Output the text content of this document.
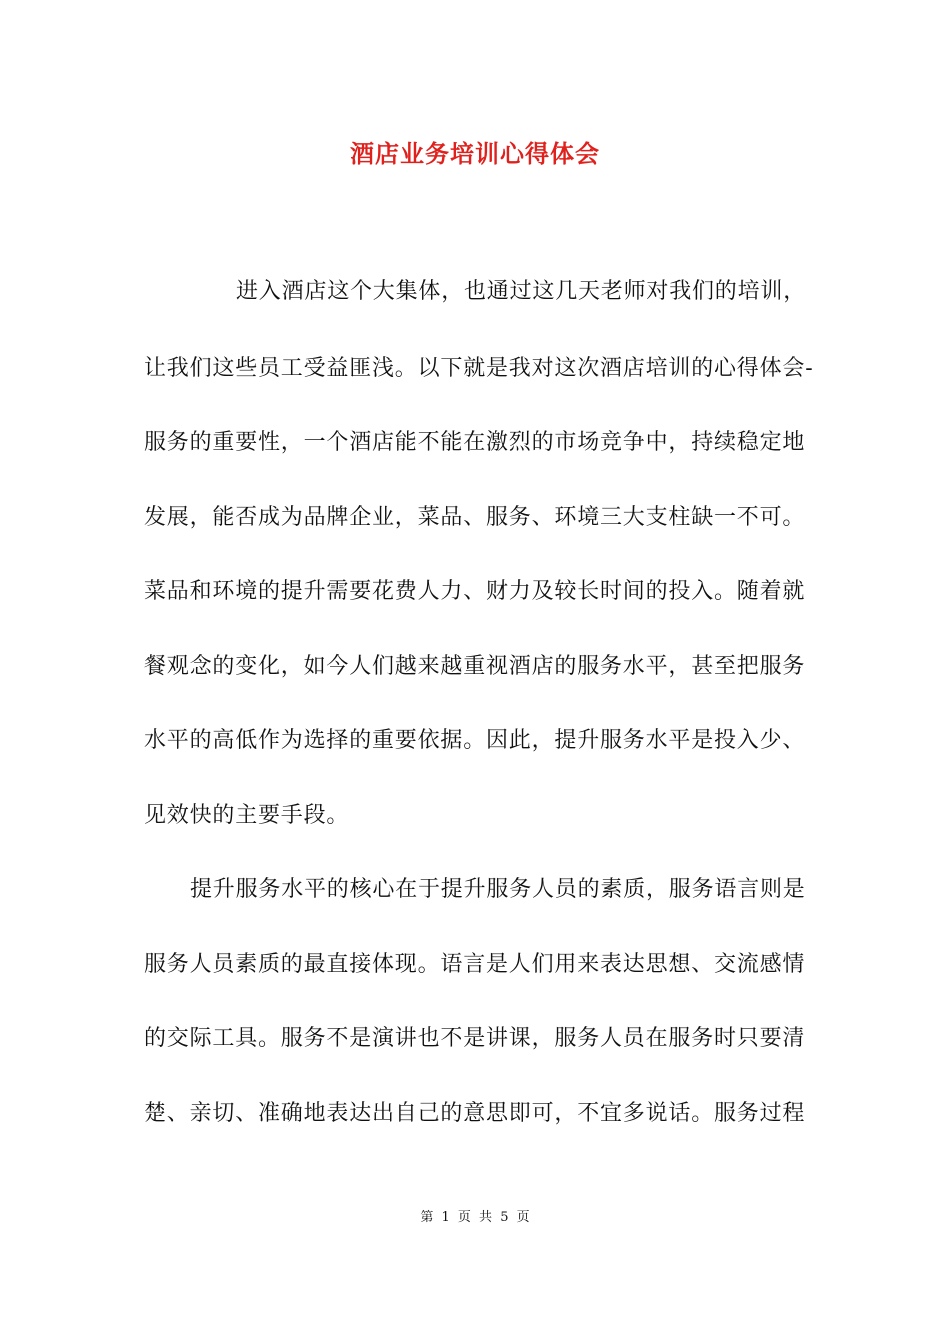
酒店业务培训心得体会
进入酒店这个大集体，也通过这几天老师对我们的培训，
让我们这些员工受益匪浅。以下就是我对这次酒店培训的心得体会-
服务的重要性，一个酒店能不能在激烈的市场竞争中，持续稳定地
发展，能否成为品牌企业，菜品、服务、环境三大支柱缺一不可。
菜品和环境的提升需要花费人力、财力及较长时间的投入。随着就
餐观念的变化，如今人们越来越重视酒店的服务水平，甚至把服务
水平的高低作为选择的重要依据。因此，提升服务水平是投入少、
见效快的主要手段。
提升服务水平的核心在于提升服务人员的素质，服务语言则是
服务人员素质的最直接体现。语言是人们用来表达思想、交流感情
的交际工具。服务不是演讲也不是讲课，服务人员在服务时只要清
楚、亲切、准确地表达出自己的意思即可，不宜多说话。服务过程
第 1 页 共 5 页
